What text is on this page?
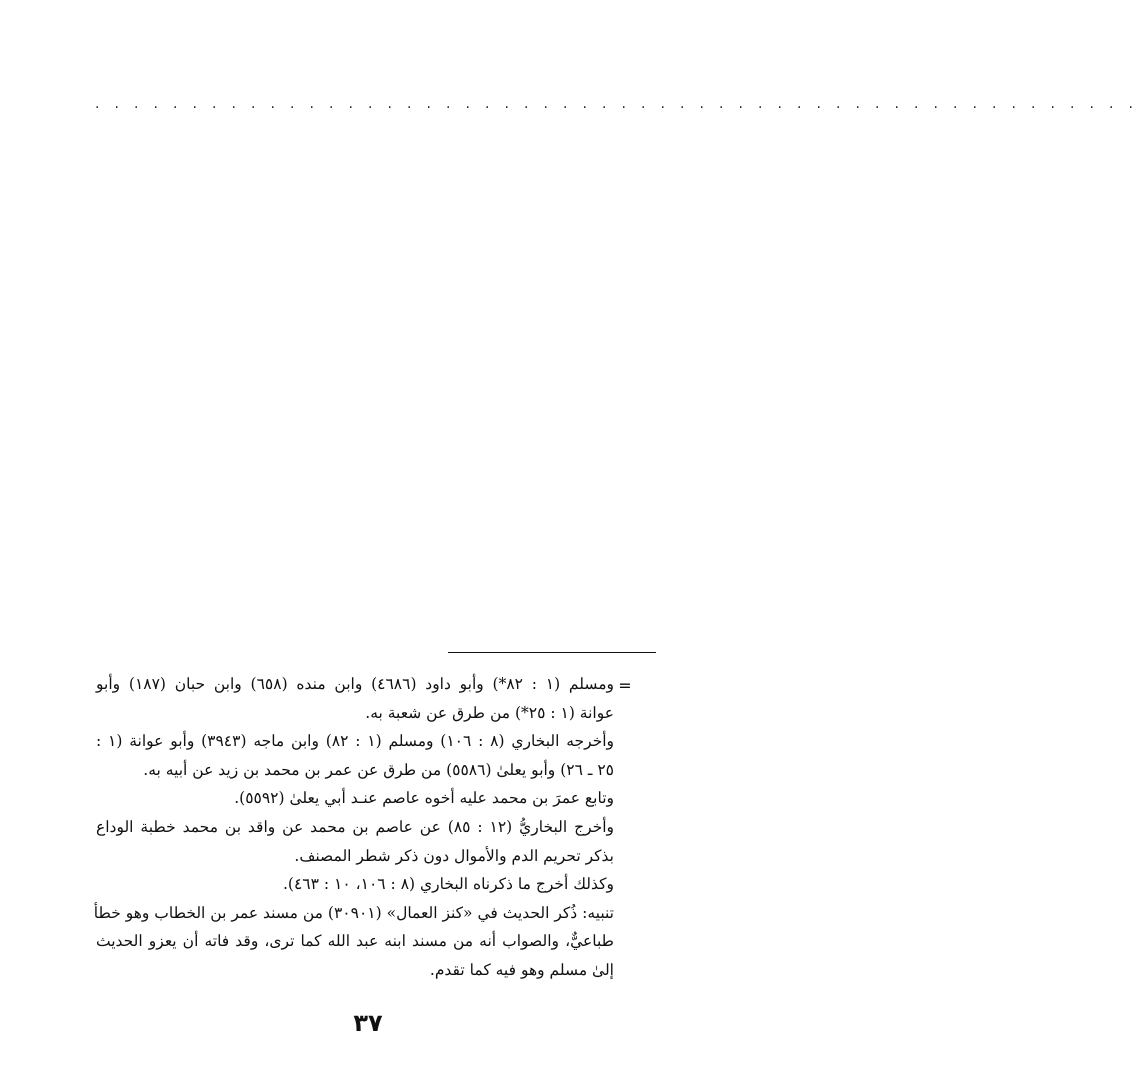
. . . . . . . . . . . . . . . . . . . . . . . . . . . . . . . . . . . . . . . . . . . . . . . . . . . . . .
=
ومسلم (١ : ٨٢*) وأبو داود (٤٦٨٦) وابن منده (٦٥٨) وابن حبان (١٨٧) وأبو
عوانة (١ : ٢٥*) من طرق عن شعبة به.
وأخرجه البخاري (٨ : ١٠٦) ومسلم (١ : ٨٢) وابن ماجه (٣٩٤٣) وأبو عوانة (١ :
٢٥ ـ ٢٦) وأبو يعلىٰ (٥٥٨٦) من طرق عن عمر بن محمد بن زيد عن أبيه به.
وتابع عمرَ بن محمد عليه أخوه عاصم عنـد أبي يعلىٰ (٥٥٩٢).
وأخرج البخاريُّ (١٢ : ٨٥) عن عاصم بن محمد عن واقد بن محمد خطبة الوداع
بذكر تحريم الدم والأموال دون ذكر شطر المصنف.
وكذلك أخرج ما ذكرناه البخاري (٨ : ١٠٦، ١٠ : ٤٦٣).
تنبيه: ذُكر الحديث في «كنز العمال» (٣٠٩٠١) من مسند عمر بن الخطاب وهو خطأ
طباعيٌّ، والصواب أنه من مسند ابنه عبد الله كما ترى، وقد فاته أن يعزو الحديث
إلىٰ مسلم وهو فيه كما تقدم.
٣٧
